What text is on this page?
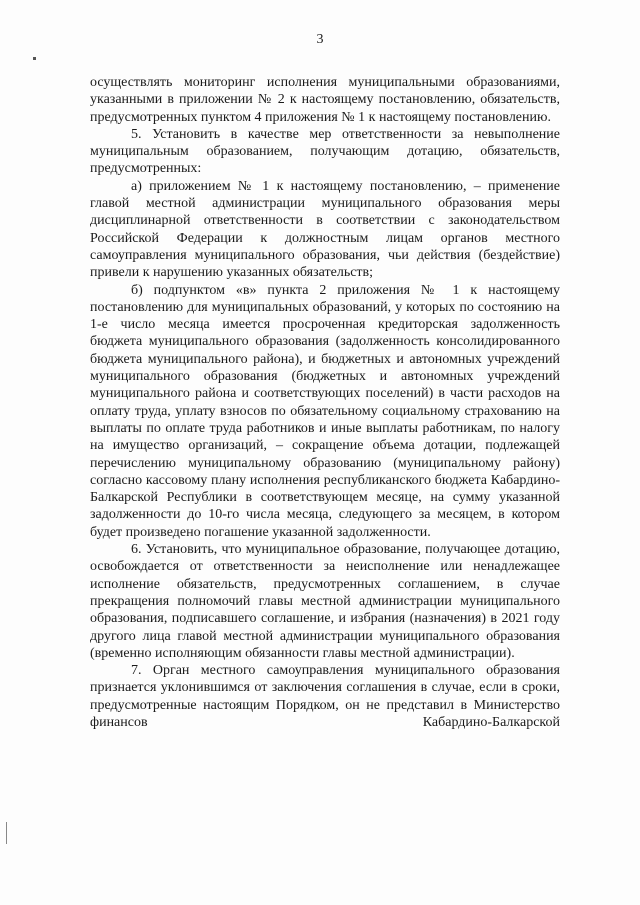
3

осуществлять мониторинг исполнения муниципальными образованиями, указанными в приложении № 2 к настоящему постановлению, обязательств, предусмотренных пунктом 4 приложения № 1 к настоящему постановлению.

5. Установить в качестве мер ответственности за невыполнение муниципальным образованием, получающим дотацию, обязательств, предусмотренных:

а) приложением № 1 к настоящему постановлению, – применение главой местной администрации муниципального образования меры дисциплинарной ответственности в соответствии с законодательством Российской Федерации к должностным лицам органов местного самоуправления муниципального образования, чьи действия (бездействие) привели к нарушению указанных обязательств;

б) подпунктом «в» пункта 2 приложения № 1 к настоящему постановлению для муниципальных образований, у которых по состоянию на 1-е число месяца имеется просроченная кредиторская задолженность бюджета муниципального образования (задолженность консолидированного бюджета муниципального района), и бюджетных и автономных учреждений муниципального образования (бюджетных и автономных учреждений муниципального района и соответствующих поселений) в части расходов на оплату труда, уплату взносов по обязательному социальному страхованию на выплаты по оплате труда работников и иные выплаты работникам, по налогу на имущество организаций, – сокращение объема дотации, подлежащей перечислению муниципальному образованию (муниципальному району) согласно кассовому плану исполнения республиканского бюджета Кабардино-Балкарской Республики в соответствующем месяце, на сумму указанной задолженности до 10-го числа месяца, следующего за месяцем, в котором будет произведено погашение указанной задолженности.

6. Установить, что муниципальное образование, получающее дотацию, освобождается от ответственности за неисполнение или ненадлежащее исполнение обязательств, предусмотренных соглашением, в случае прекращения полномочий главы местной администрации муниципального образования, подписавшего соглашение, и избрания (назначения) в 2021 году другого лица главой местной администрации муниципального образования (временно исполняющим обязанности главы местной администрации).

7. Орган местного самоуправления муниципального образования признается уклонившимся от заключения соглашения в случае, если в сроки, предусмотренные настоящим Порядком, он не представил в Министерство финансов Кабардино-Балкарской
